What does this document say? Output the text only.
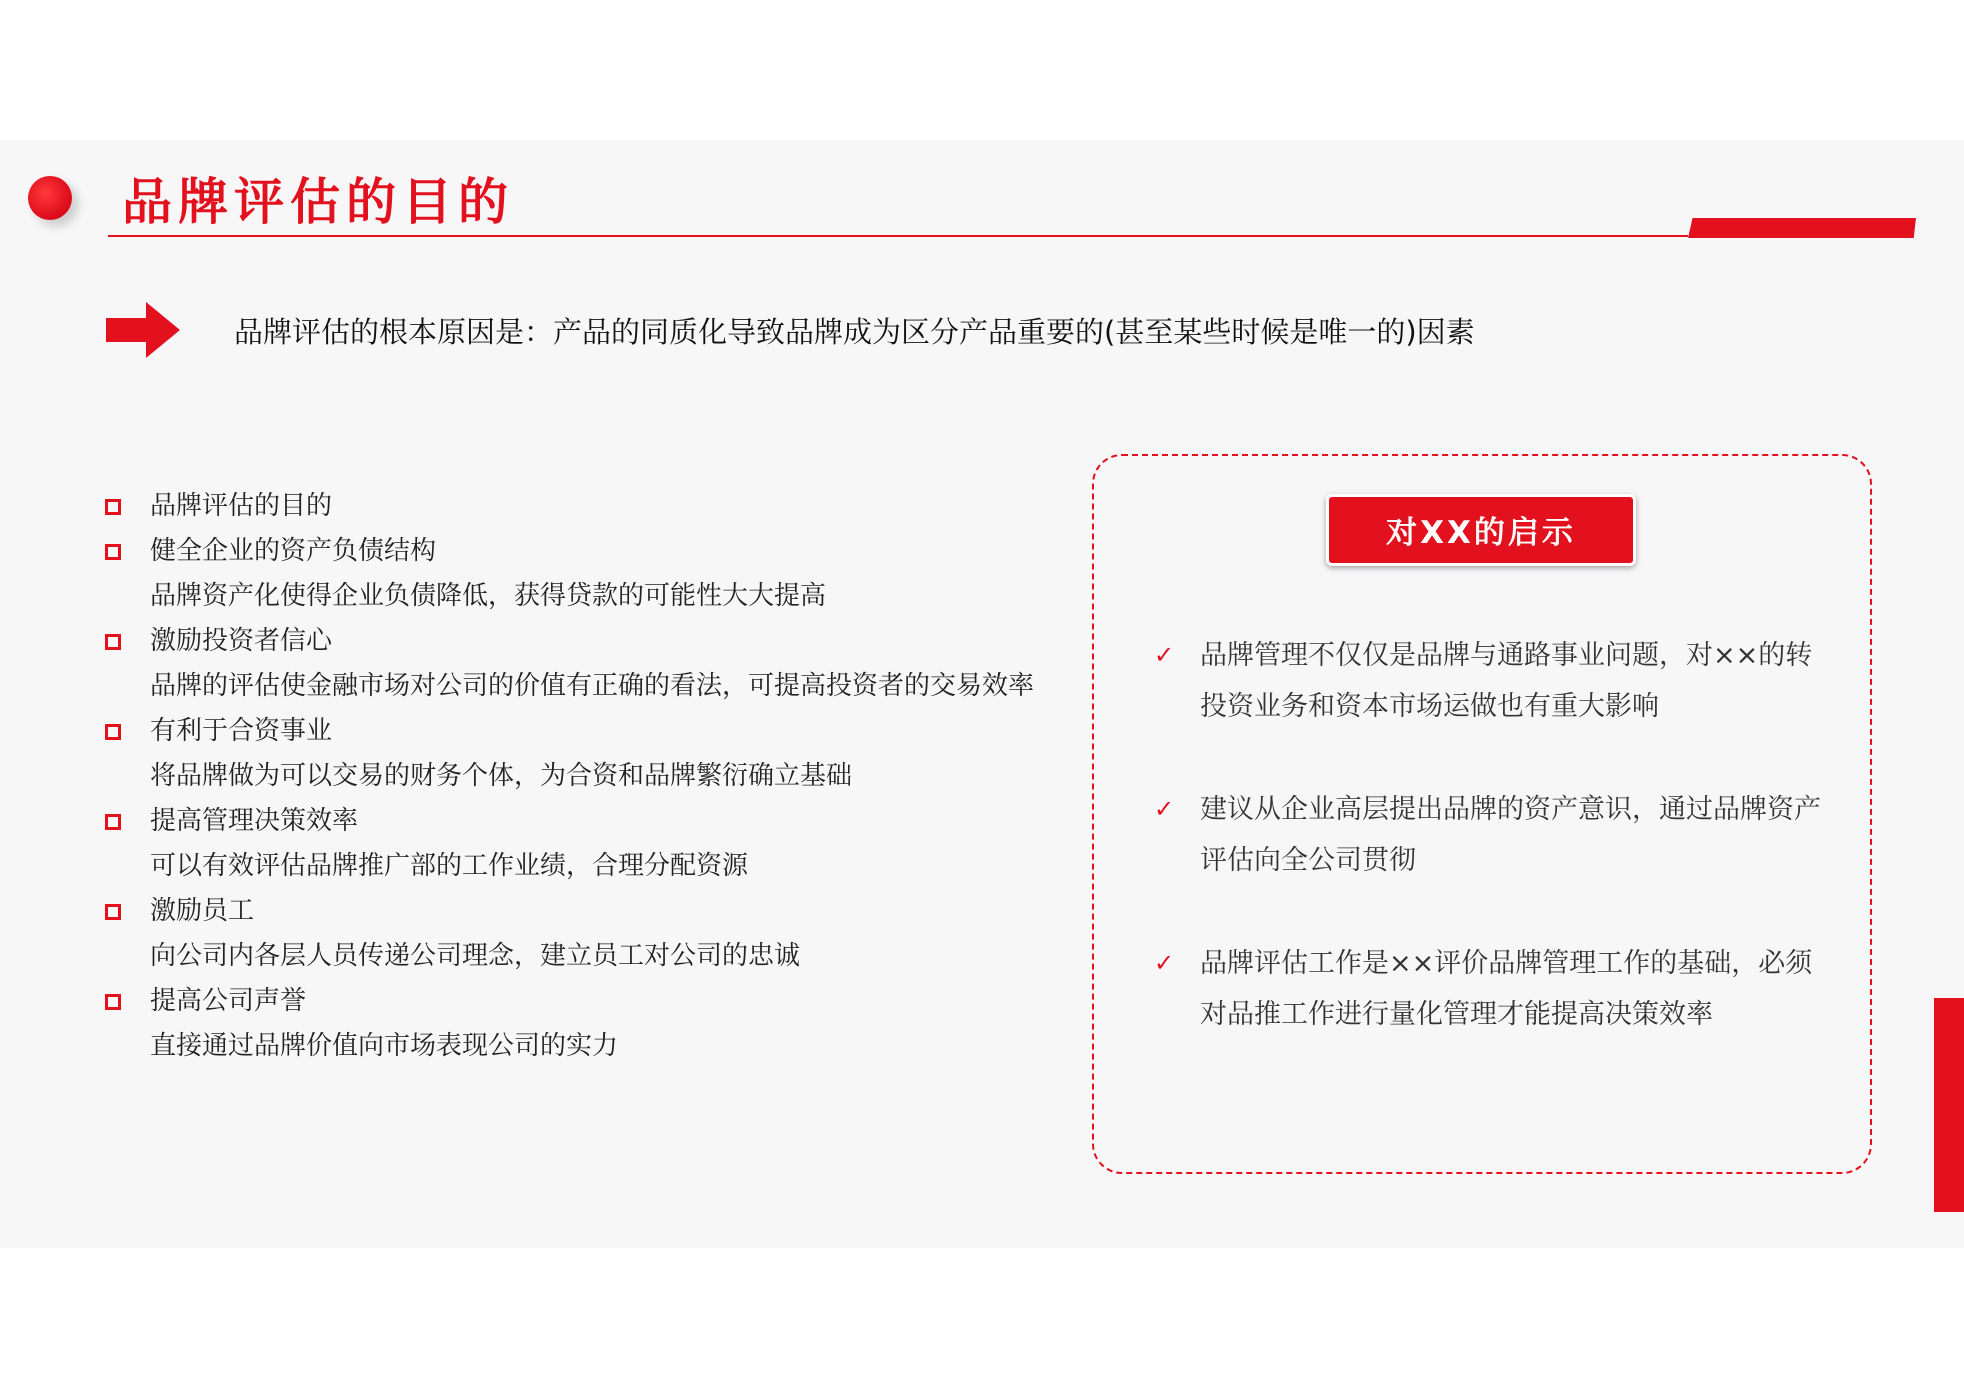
品牌评估的目的
品牌评估的根本原因是：产品的同质化导致品牌成为区分产品重要的(甚至某些时候是唯一的)因素
品牌评估的目的
健全企业的资产负债结构
品牌资产化使得企业负债降低，获得贷款的可能性大大提高
激励投资者信心
品牌的评估使金融市场对公司的价值有正确的看法，可提高投资者的交易效率
有利于合资事业
将品牌做为可以交易的财务个体，为合资和品牌繁衍确立基础
提高管理决策效率
可以有效评估品牌推广部的工作业绩，合理分配资源
激励员工
向公司内各层人员传递公司理念，建立员工对公司的忠诚
提高公司声誉
直接通过品牌价值向市场表现公司的实力
对XX的启示
✓ 品牌管理不仅仅是品牌与通路事业问题，对××的转投资业务和资本市场运做也有重大影响
✓ 建议从企业高层提出品牌的资产意识，通过品牌资产评估向全公司贯彻
✓ 品牌评估工作是××评价品牌管理工作的基础，必须对品推工作进行量化管理才能提高决策效率
